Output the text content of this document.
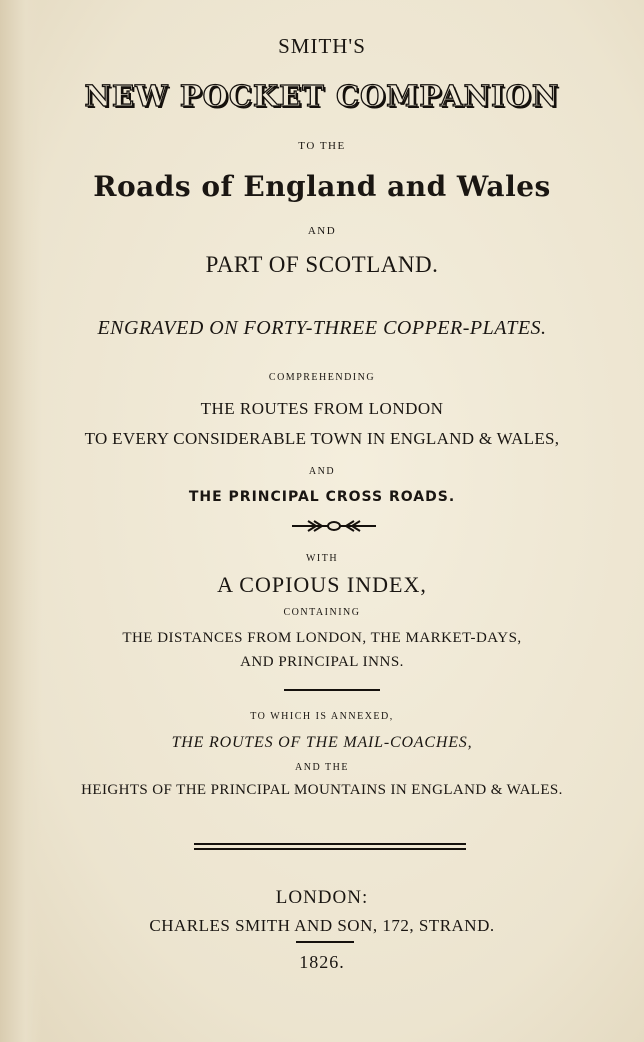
SMITH'S
NEW POCKET COMPANION
TO THE
Roads of England and Wales
AND
PART OF SCOTLAND.
ENGRAVED ON FORTY-THREE COPPER-PLATES.
COMPREHENDING
THE ROUTES FROM LONDON
TO EVERY CONSIDERABLE TOWN IN ENGLAND & WALES,
AND
THE PRINCIPAL CROSS ROADS.
WITH
A COPIOUS INDEX,
CONTAINING
THE DISTANCES FROM LONDON, THE MARKET-DAYS,
AND PRINCIPAL INNS.
TO WHICH IS ANNEXED,
THE ROUTES OF THE MAIL-COACHES,
AND THE
HEIGHTS OF THE PRINCIPAL MOUNTAINS IN ENGLAND & WALES.
LONDON:
CHARLES SMITH AND SON, 172, STRAND.
1826.
